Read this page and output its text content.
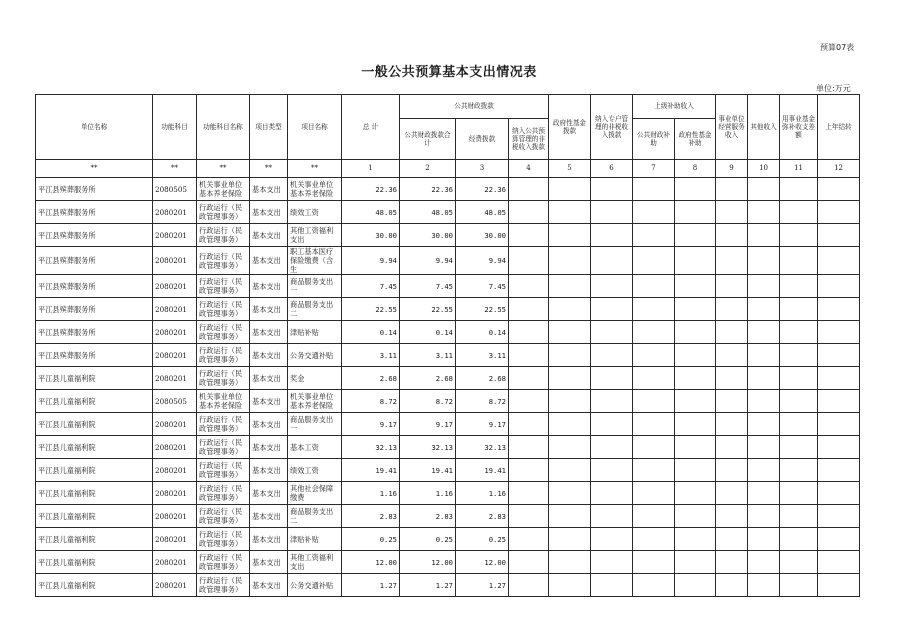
预算07表
一般公共预算基本支出情况表
单位:万元
单位名称	功能科目	功能科目名称	项目类型	项目名称	总 计	公共财政拨款			政府性基金拨款	纳入专户管理的非税收入拨款	上级补助收入		事业单位经营服务收入	其他收入	用事业基金弥补收支差额	上年结转
						公共财政拨款合计	经费拨款	纳入公共预算管理的非税收入拨款			公共财政补助	政府性基金补助				
**	**	**	**	**	1	2	3	4	5	6	7	8	9	10	11	12
平江县殡葬服务所	2080505	机关事业单位基本养老保险	基本支出	机关事业单位基本养老保险	22.36	22.36	22.36									
平江县殡葬服务所	2080201	行政运行（民政管理事务）	基本支出	绩效工资	48.05	48.05	48.05									
平江县殡葬服务所	2080201	行政运行（民政管理事务）	基本支出	其他工资福利支出	30.00	30.00	30.00									
平江县殡葬服务所	2080201	行政运行（民政管理事务）	基本支出	职工基本医疗保险缴费（含生	9.94	9.94	9.94									
平江县殡葬服务所	2080201	行政运行（民政管理事务）	基本支出	商品服务支出一	7.45	7.45	7.45									
平江县殡葬服务所	2080201	行政运行（民政管理事务）	基本支出	商品服务支出二	22.55	22.55	22.55									
平江县殡葬服务所	2080201	行政运行（民政管理事务）	基本支出	津贴补贴	0.14	0.14	0.14									
平江县殡葬服务所	2080201	行政运行（民政管理事务）	基本支出	公务交通补贴	3.11	3.11	3.11									
平江县儿童福利院	2080201	行政运行（民政管理事务）	基本支出	奖金	2.68	2.68	2.68									
平江县儿童福利院	2080505	机关事业单位基本养老保险	基本支出	机关事业单位基本养老保险	8.72	8.72	8.72									
平江县儿童福利院	2080201	行政运行（民政管理事务）	基本支出	商品服务支出一	9.17	9.17	9.17									
平江县儿童福利院	2080201	行政运行（民政管理事务）	基本支出	基本工资	32.13	32.13	32.13									
平江县儿童福利院	2080201	行政运行（民政管理事务）	基本支出	绩效工资	19.41	19.41	19.41									
平江县儿童福利院	2080201	行政运行（民政管理事务）	基本支出	其他社会保障缴费	1.16	1.16	1.16									
平江县儿童福利院	2080201	行政运行（民政管理事务）	基本支出	商品服务支出二	2.83	2.83	2.83									
平江县儿童福利院	2080201	行政运行（民政管理事务）	基本支出	津贴补贴	0.25	0.25	0.25									
平江县儿童福利院	2080201	行政运行（民政管理事务）	基本支出	其他工资福利支出	12.00	12.00	12.00									
平江县儿童福利院	2080201	行政运行（民政管理事务）	基本支出	公务交通补贴	1.27	1.27	1.27									
